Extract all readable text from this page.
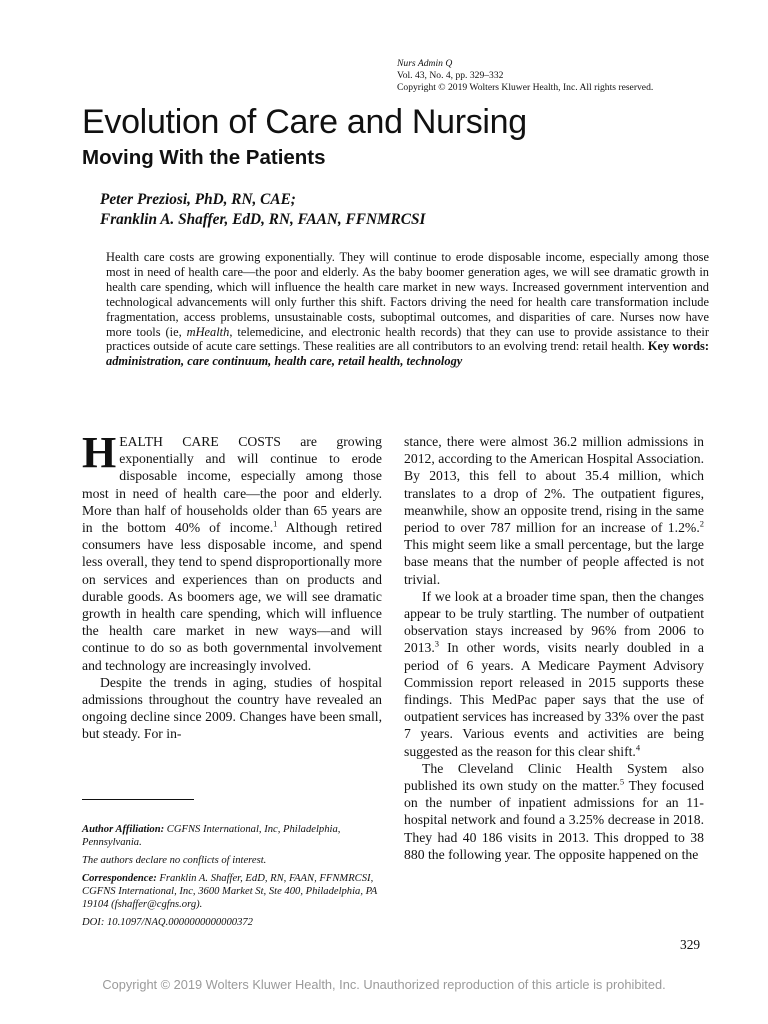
Nurs Admin Q
Vol. 43, No. 4, pp. 329–332
Copyright © 2019 Wolters Kluwer Health, Inc. All rights reserved.
Evolution of Care and Nursing
Moving With the Patients
Peter Preziosi, PhD, RN, CAE;
Franklin A. Shaffer, EdD, RN, FAAN, FFNMRCSI
Health care costs are growing exponentially. They will continue to erode disposable income, especially among those most in need of health care—the poor and elderly. As the baby boomer generation ages, we will see dramatic growth in health care spending, which will influence the health care market in new ways. Increased government intervention and technological advancements will only further this shift. Factors driving the need for health care transformation include fragmentation, access problems, unsustainable costs, suboptimal outcomes, and disparities of care. Nurses now have more tools (ie, mHealth, telemedicine, and electronic health records) that they can use to provide assistance to their practices outside of acute care settings. These realities are all contributors to an evolving trend: retail health. Key words: administration, care continuum, health care, retail health, technology

HEALTH CARE COSTS are growing exponentially and will continue to erode disposable income, especially among those most in need of health care—the poor and elderly. More than half of households older than 65 years are in the bottom 40% of income.$^1$ Although retired consumers have less disposable income, and spend less overall, they tend to spend disproportionally more on services and experiences than on products and durable goods. As boomers age, we will see dramatic growth in health care spending, which will influence the health care market in new ways—and will continue to do so as both governmental involvement and technology are increasingly involved.

Despite the trends in aging, studies of hospital admissions throughout the country have revealed an ongoing decline since 2009. Changes have been small, but steady. For in-

stance, there were almost 36.2 million admissions in 2012, according to the American Hospital Association. By 2013, this fell to about 35.4 million, which translates to a drop of 2%. The outpatient figures, meanwhile, show an opposite trend, rising in the same period to over 787 million for an increase of 1.2%.$^2$ This might seem like a small percentage, but the large base means that the number of people affected is not trivial.

If we look at a broader time span, then the changes appear to be truly startling. The number of outpatient observation stays increased by 96% from 2006 to 2013.$^3$ In other words, visits nearly doubled in a period of 6 years. A Medicare Payment Advisory Commission report released in 2015 supports these findings. This MedPac paper says that the use of outpatient services has increased by 33% over the past 7 years. Various events and activities are being suggested as the reason for this clear shift.$^4$

The Cleveland Clinic Health System also published its own study on the matter.$^5$ They focused on the number of inpatient admissions for an 11-hospital network and found a 3.25% decrease in 2018. They had 40 186 visits in 2013. This dropped to 38 880 the following year. The opposite happened on the

Author Affiliation: CGFNS International, Inc, Philadelphia, Pennsylvania.

The authors declare no conflicts of interest.

Correspondence: Franklin A. Shaffer, EdD, RN, FAAN, FFNMRCSI, CGFNS International, Inc, 3600 Market St, Ste 400, Philadelphia, PA 19104 (fshaffer@cgfns.org).

DOI: 10.1097/NAQ.0000000000000372

329
Copyright © 2019 Wolters Kluwer Health, Inc. Unauthorized reproduction of this article is prohibited.
